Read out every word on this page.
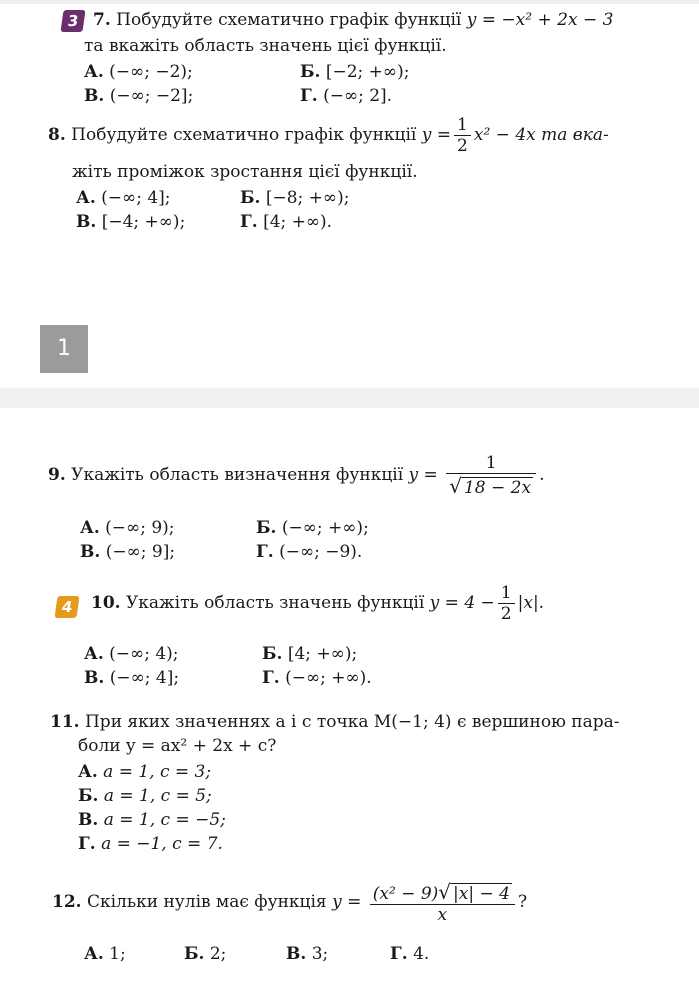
3 7. Побудуйте схематично графік функції y = −x² + 2x − 3
та вкажіть область значень цієї функції.
А. (−∞; −2);	Б. [−2; +∞);
В. (−∞; −2];	Г. (−∞; 2].
8. Побудуйте схематично графік функції $y = \frac{1}{2} x^2 - 4x$ та вка-
жіть проміжок зростання цієї функції.
А. (−∞; 4];	Б. [−8; +∞);
В. [−4; +∞);	Г. [4; +∞).
1
9. Укажіть область визначення функції $y = \frac{1}{√ 18 - 2x}$ .
А. (−∞; 9);	Б. (−∞; +∞);
В. (−∞; 9];	Г. (−∞; −9).
4	10. Укажіть область значень функції $y = 4 - \frac{1}{2} |x|$.
А. (−∞; 4);	Б. [4; +∞);
В. (−∞; 4];	Г. (−∞; +∞).
11. При яких значеннях a і c точка M(−1; 4) є вершиною пара-
боли y = ax² + 2x + c?
А. a = 1, c = 3;
Б. a = 1, c = 5;
В. a = 1, c = −5;
Г. a = −1, c = 7.
12. Скільки нулів має функція $y = \frac{\text{(x² − 9)√ |x| − 4}}{x}$ ?
А. 1;	Б. 2;	В. 3;	Г. 4.
